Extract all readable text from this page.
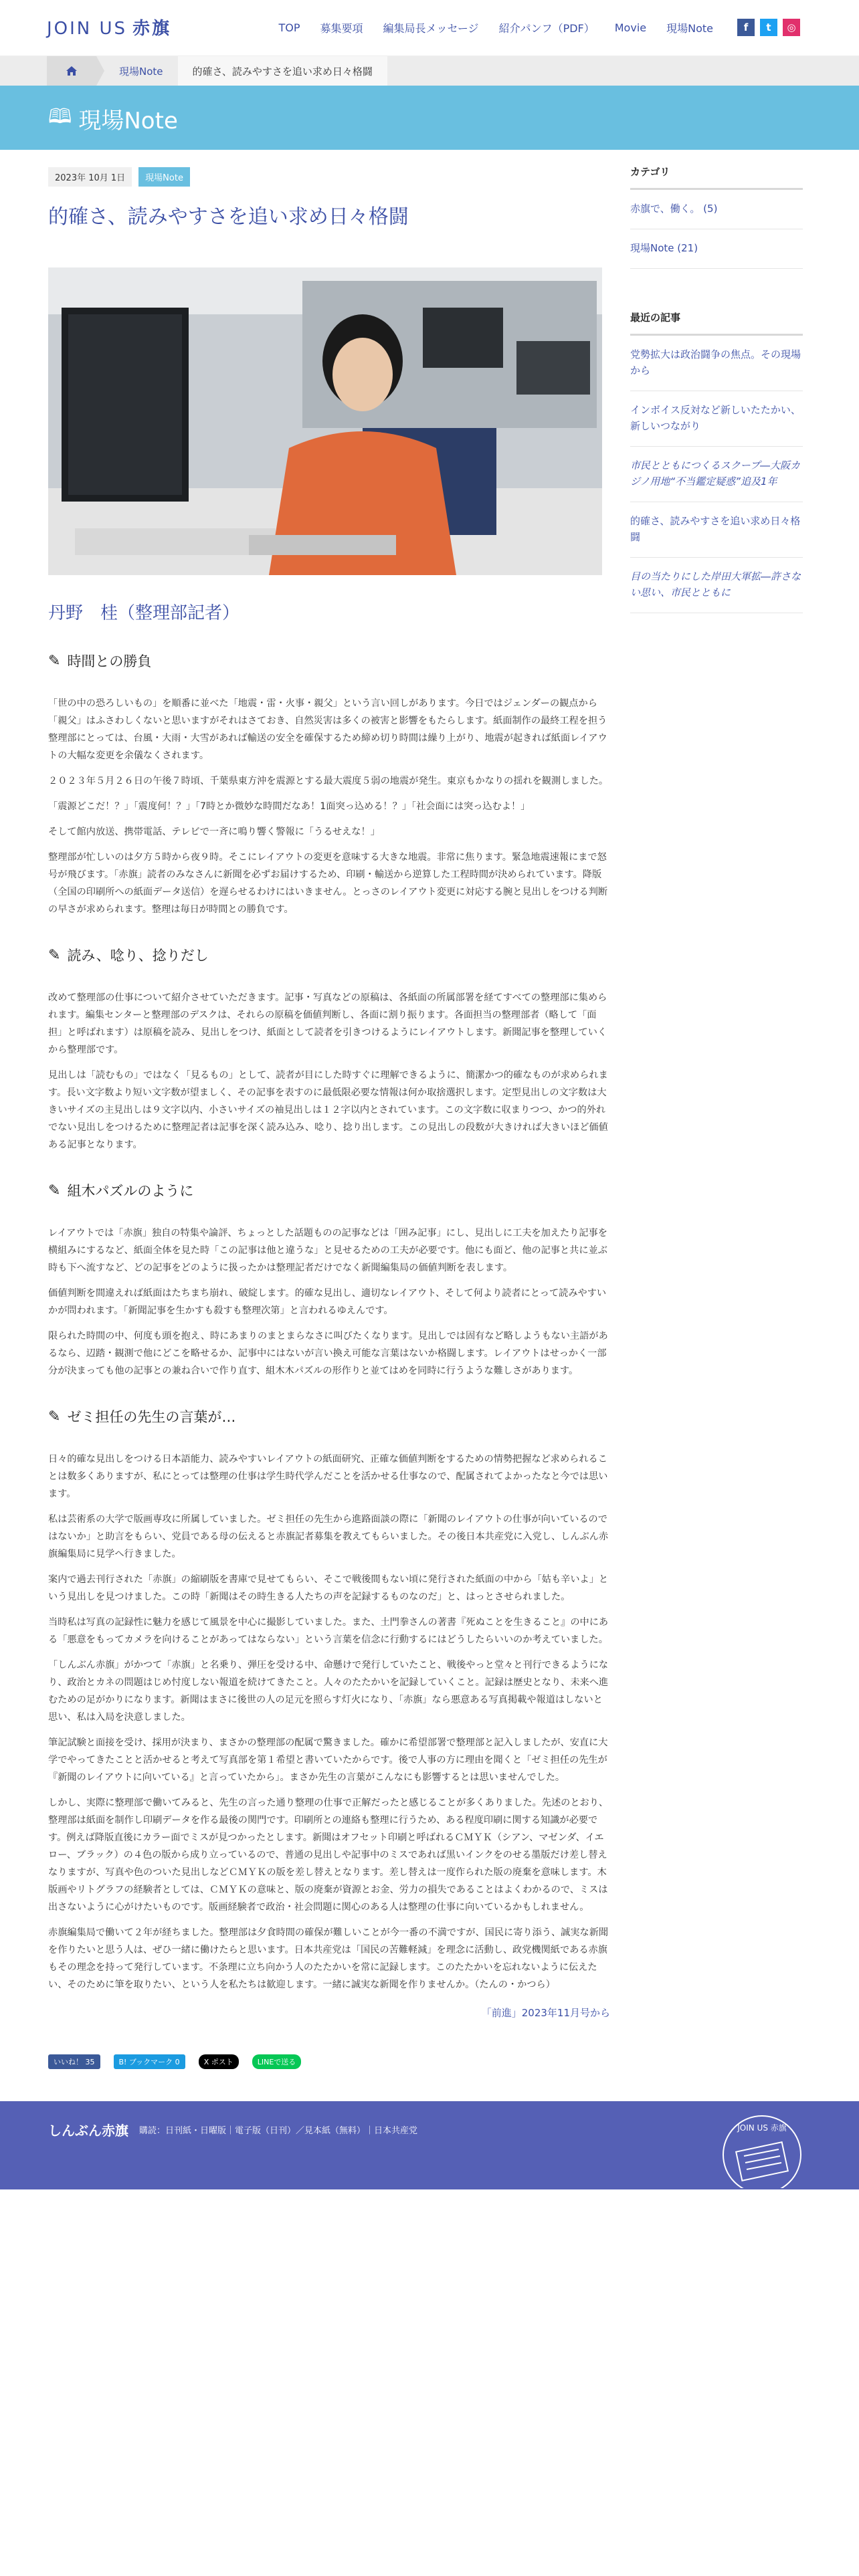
JOIN US 赤旗	TOP 募集要項 編集局長メッセージ 紹介パンフ（PDF） Movie 現場Note	f	t	◎
現場Note	的確さ、読みやすさを追い求め日々格闘
🕮 現場Note
2023年 10月 1日	現場Note
的確さ、読みやすさを追い求め日々格闘
丹野　桂（整理部記者）
✎ 時間との勝負

「世の中の恐ろしいもの」を順番に並べた「地震・雷・火事・親父」という言い回しがあります。今日ではジェンダーの観点から「親父」はふさわしくないと思いますがそれはさておき、自然災害は多くの被害と影響をもたらします。紙面制作の最終工程を担う整理部にとっては、台風・大雨・大雪があれば輸送の安全を確保するため締め切り時間は繰り上がり、地震が起きれば紙面レイアウトの大幅な変更を余儀なくされます。

２０２３年５月２６日の午後７時頃、千葉県東方沖を震源とする最大震度５弱の地震が発生。東京もかなりの揺れを観測しました。

「震源どこだ！？」「震度何！？」「7時とか微妙な時間だなあ！1面突っ込める！？」「社会面には突っ込むよ！」

そして館内放送、携帯電話、テレビで一斉に鳴り響く警報に「うるせえな！」

整理部が忙しいのは夕方５時から夜９時。そこにレイアウトの変更を意味する大きな地震。非常に焦ります。緊急地震速報にまで怒号が飛びます。「赤旗」読者のみなさんに新聞を必ずお届けするため、印刷・輸送から逆算した工程時間が決められています。降版（全国の印刷所への紙面データ送信）を遅らせるわけにはいきません。とっさのレイアウト変更に対応する腕と見出しをつける判断の早さが求められます。整理は毎日が時間との勝負です。

✎ 読み、唸り、捻りだし

改めて整理部の仕事について紹介させていただきます。記事・写真などの原稿は、各紙面の所属部署を経てすべての整理部に集められます。編集センターと整理部のデスクは、それらの原稿を価値判断し、各面に割り振ります。各面担当の整理部者（略して「面担」と呼ばれます）は原稿を読み、見出しをつけ、紙面として読者を引きつけるようにレイアウトします。新聞記事を整理していくから整理部です。

見出しは「読むもの」ではなく「見るもの」として、読者が目にした時すぐに理解できるように、簡潔かつ的確なものが求められます。長い文字数より短い文字数が望ましく、その記事を表すのに最低限必要な情報は何か取捨選択します。定型見出しの文字数は大きいサイズの主見出しは９文字以内、小さいサイズの袖見出しは１２字以内とされています。この文字数に収まりつつ、かつ的外れでない見出しをつけるために整理記者は記事を深く読み込み、唸り、捻り出します。この見出しの段数が大きければ大きいほど価値ある記事となります。

✎ 組木パズルのように

レイアウトでは「赤旗」独自の特集や論評、ちょっとした話題ものの記事などは「囲み記事」にし、見出しに工夫を加えたり記事を横組みにするなど、紙面全体を見た時「この記事は他と違うな」と見せるための工夫が必要です。他にも面ど、他の記事と共に並ぶ時も下へ流すなど、どの記事をどのように扱ったかは整理記者だけでなく新聞編集局の価値判断を表します。

価値判断を間違えれば紙面はたちまち崩れ、破綻します。的確な見出し、適切なレイアウト、そして何より読者にとって読みやすいかが問われます。「新聞記事を生かすも殺すも整理次第」と言われるゆえんです。

限られた時間の中、何度も頭を抱え、時にあまりのまとまらなさに叫びたくなります。見出しでは固有など略しようもない主語があるなら、辺踏・観測で他にどこを略せるか、記事中にはないが言い換え可能な言葉はないか格闘します。レイアウトはせっかく一部分が決まっても他の記事との兼ね合いで作り直す、組木木パズルの形作りと並てはめを同時に行うような難しさがあります。

✎ ゼミ担任の先生の言葉が…

日々的確な見出しをつける日本語能力、読みやすいレイアウトの紙面研究、正確な価値判断をするための情勢把握など求められることは数多くありますが、私にとっては整理の仕事は学生時代学んだことを活かせる仕事なので、配属されてよかったなと今では思います。

私は芸術系の大学で版画専攻に所属していました。ゼミ担任の先生から進路面談の際に「新聞のレイアウトの仕事が向いているのではないか」と助言をもらい、党員である母の伝えると赤旗記者募集を教えてもらいました。その後日本共産党に入党し、しんぶん赤旗編集局に見学へ行きました。

案内で過去刊行された「赤旗」の縮刷版を書庫で見せてもらい、そこで戦後間もない頃に発行された紙面の中から「姑も辛いよ」という見出しを見つけました。この時「新聞はその時生きる人たちの声を記録するものなのだ」と、はっとさせられました。

当時私は写真の記録性に魅力を感じて風景を中心に撮影していました。また、土門拳さんの著書『死ぬことを生きること』の中にある「悪意をもってカメラを向けることがあってはならない」という言葉を信念に行動するにはどうしたらいいのか考えていました。

「しんぶん赤旗」がかつて「赤旗」と名乗り、弾圧を受ける中、命懸けで発行していたこと、戦後やっと堂々と刊行できるようになり、政治とカネの問題はじめ忖度しない報道を続けてきたこと。人々のたたかいを記録していくこと。記録は歴史となり、未来へ進むための足がかりになります。新聞はまさに後世の人の足元を照らす灯火になり、「赤旗」なら悪意ある写真掲載や報道はしないと思い、私は入局を決意しました。

筆記試験と面接を受け、採用が決まり、まさかの整理部の配属で驚きました。確かに希望部署で整理部と記入しましたが、安直に大学でやってきたことと活かせると考えて写真部を第１希望と書いていたからです。後で人事の方に理由を聞くと「ゼミ担任の先生が『新聞のレイアウトに向いている』と言っていたから」。まさか先生の言葉がこんなにも影響するとは思いませんでした。

しかし、実際に整理部で働いてみると、先生の言った通り整理の仕事で正解だったと感じることが多くありました。先述のとおり、整理部は紙面を制作し印刷データを作る最後の関門です。印刷所との連絡も整理に行うため、ある程度印刷に関する知識が必要です。例えば降版直後にカラー面でミスが見つかったとします。新聞はオフセット印刷と呼ばれるＣＭＹＫ（シアン、マゼンダ、イエロー、ブラック）の４色の版から成り立っているので、普通の見出しや記事中のミスであれば黒いインクをのせる墨版だけ差し替えなりますが、写真や色のついた見出しなどＣＭＹＫの版を差し替えとなります。差し替えは一度作られた版の廃棄を意味します。木版画やリトグラフの経験者としては、ＣＭＹＫの意味と、版の廃棄が資源とお金、労力の損失であることはよくわかるので、ミスは出さないように心がけたいものです。版画経験者で政治・社会問題に関心のある人は整理の仕事に向いているかもしれません。

赤旗編集局で働いて２年が経ちました。整理部は夕食時間の確保が難しいことが今一番の不満ですが、国民に寄り添う、誠実な新聞を作りたいと思う人は、ぜひ一緒に働けたらと思います。日本共産党は「国民の苦難軽減」を理念に活動し、政党機関紙である赤旗もその理念を持って発行しています。不条理に立ち向かう人のたたかいを常に記録します。このたたかいを忘れないように伝えたい、そのために筆を取りたい、という人を私たちは歓迎します。一緒に誠実な新聞を作りませんか。（たんの・かつら）

「前進」2023年11月号から
いいね！ 35	B! ブックマーク 0	X ポスト	LINEで送る
カテゴリ
赤旗で、働く。 (5)
現場Note (21)
最近の記事
党勢拡大は政治闘争の焦点。その現場から
インボイス反対など新しいたたかい、新しいつながり
市民とともにつくるスクープ―大阪カジノ用地“不当鑑定疑惑”追及1年
的確さ、読みやすさを追い求め日々格闘
目の当たりにした岸田大軍拡―許さない思い、市民とともに
しんぶん赤旗 購読：日刊紙・日曜版｜電子版（日刊）／見本紙（無料）｜日本共産党	JOIN US 赤旗
